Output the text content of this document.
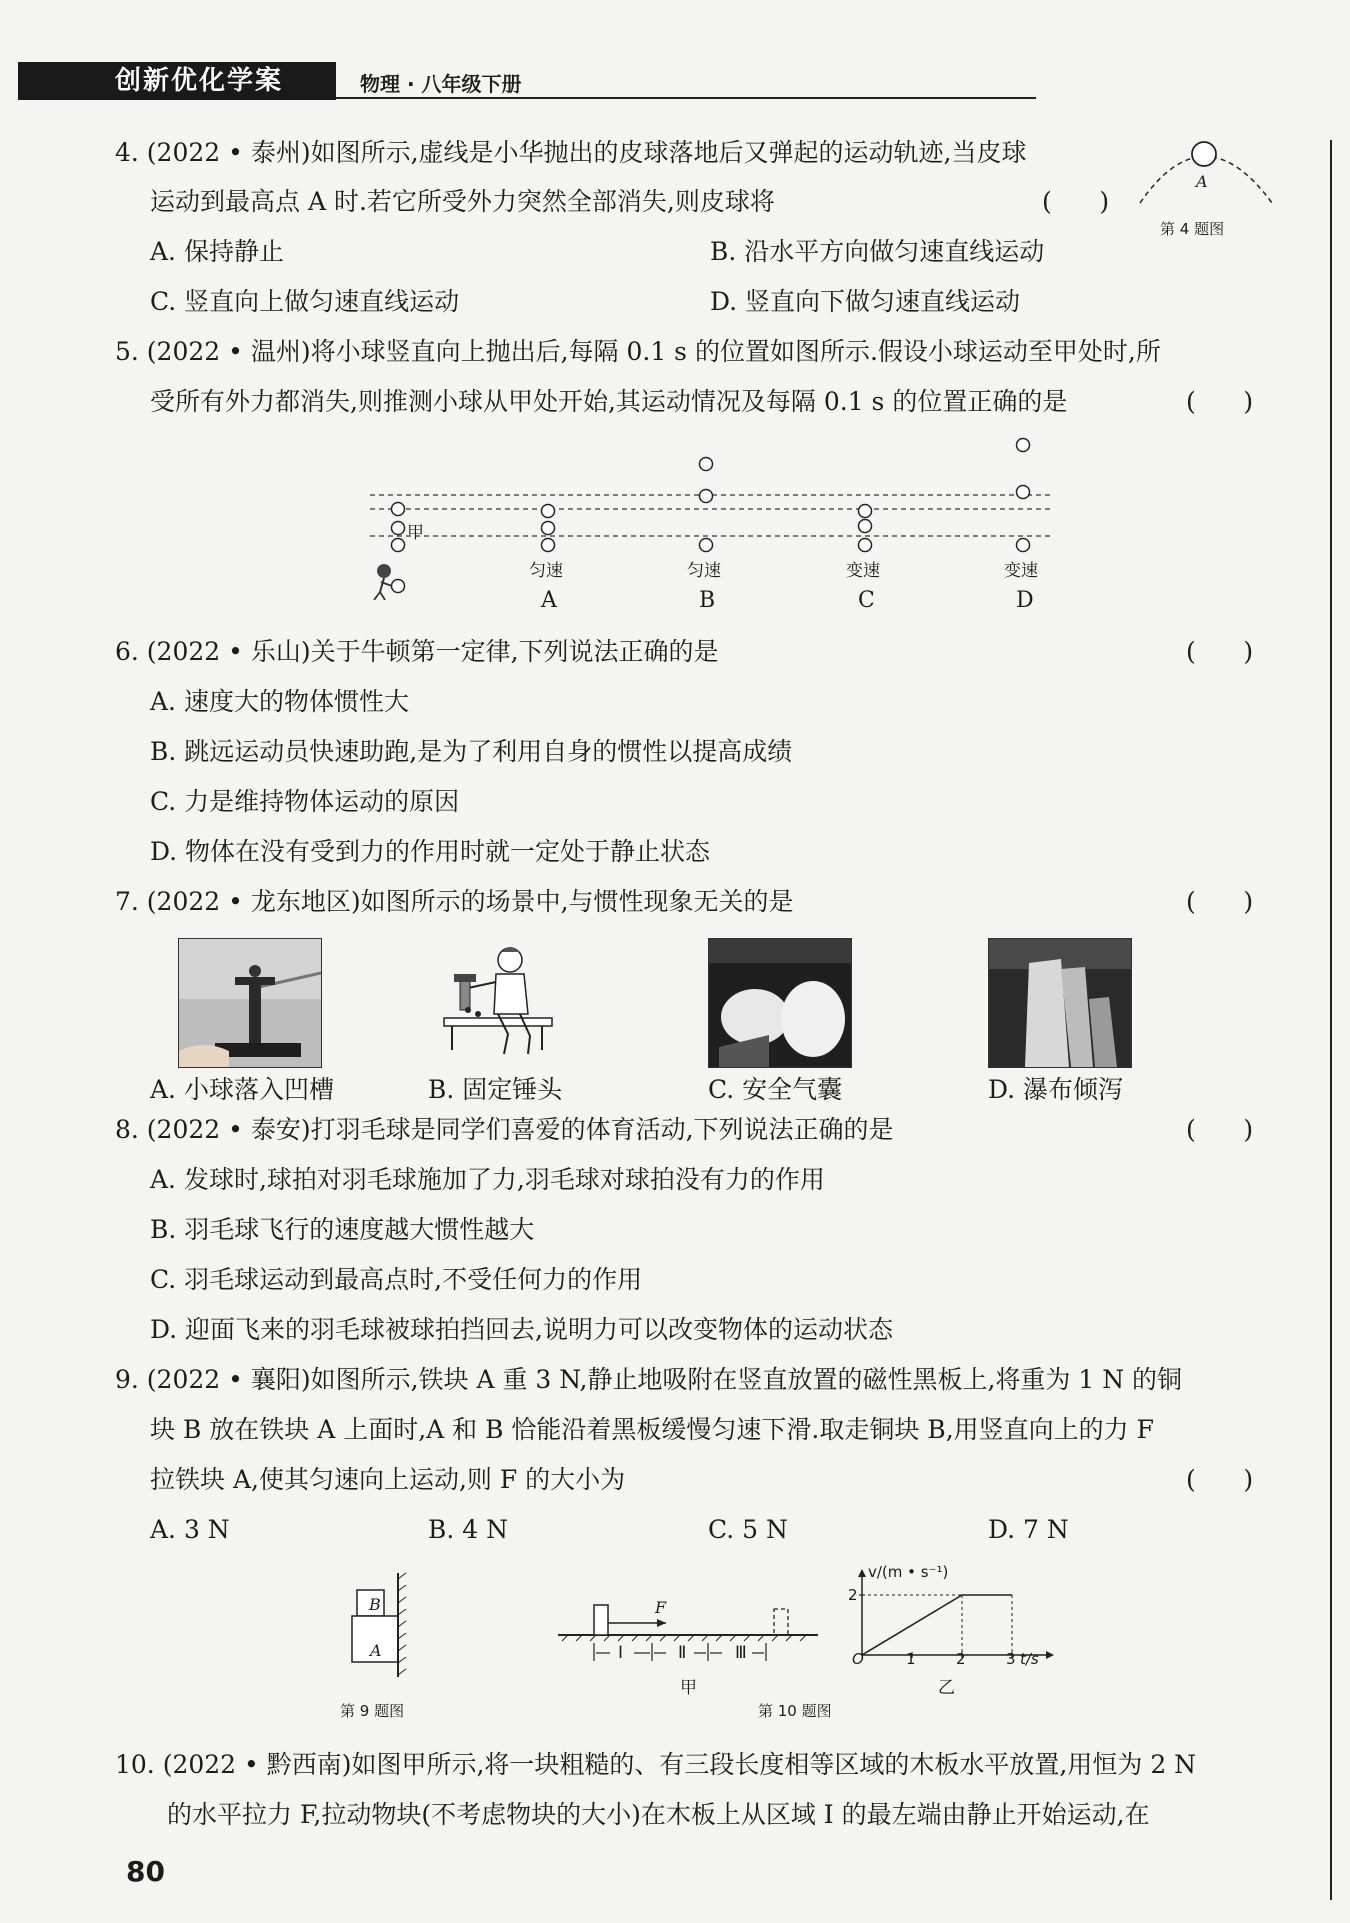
创新优化学案	物理 · 八年级下册
4. (2022 • 泰州)如图所示,虚线是小华抛出的皮球落地后又弹起的运动轨迹,当皮球
运动到最高点 A 时.若它所受外力突然全部消失,则皮球将	(      )
A
第 4 题图
A. 保持静止	B. 沿水平方向做匀速直线运动
C. 竖直向上做匀速直线运动	D. 竖直向下做匀速直线运动
5. (2022 • 温州)将小球竖直向上抛出后,每隔 0.1 s 的位置如图所示.假设小球运动至甲处时,所
受所有外力都消失,则推测小球从甲处开始,其运动情况及每隔 0.1 s 的位置正确的是	(      )
甲
匀速	匀速	变速	变速
A	B	C	D
6. (2022 • 乐山)关于牛顿第一定律,下列说法正确的是	(      )
A. 速度大的物体惯性大
B. 跳远运动员快速助跑,是为了利用自身的惯性以提高成绩
C. 力是维持物体运动的原因
D. 物体在没有受到力的作用时就一定处于静止状态
7. (2022 • 龙东地区)如图所示的场景中,与惯性现象无关的是	(      )
A. 小球落入凹槽	B. 固定锤头	C. 安全气囊	D. 瀑布倾泻
8. (2022 • 泰安)打羽毛球是同学们喜爱的体育活动,下列说法正确的是	(      )
A. 发球时,球拍对羽毛球施加了力,羽毛球对球拍没有力的作用
B. 羽毛球飞行的速度越大惯性越大
C. 羽毛球运动到最高点时,不受任何力的作用
D. 迎面飞来的羽毛球被球拍挡回去,说明力可以改变物体的运动状态
9. (2022 • 襄阳)如图所示,铁块 A 重 3 N,静止地吸附在竖直放置的磁性黑板上,将重为 1 N 的铜
块 B 放在铁块 A 上面时,A 和 B 恰能沿着黑板缓慢匀速下滑.取走铜块 B,用竖直向上的力 F
拉铁块 A,使其匀速向上运动,则 F 的大小为	(      )
A. 3 N	B. 4 N	C. 5 N	D. 7 N
B
A
第 9 题图
F
Ⅰ	Ⅱ	Ⅲ
甲
v/(m • s⁻¹)
t/s
O
2
1	2	3
乙
第 10 题图
10. (2022 • 黔西南)如图甲所示,将一块粗糙的、有三段长度相等区域的木板水平放置,用恒为 2 N
的水平拉力 F,拉动物块(不考虑物块的大小)在木板上从区域 Ⅰ 的最左端由静止开始运动,在
80
